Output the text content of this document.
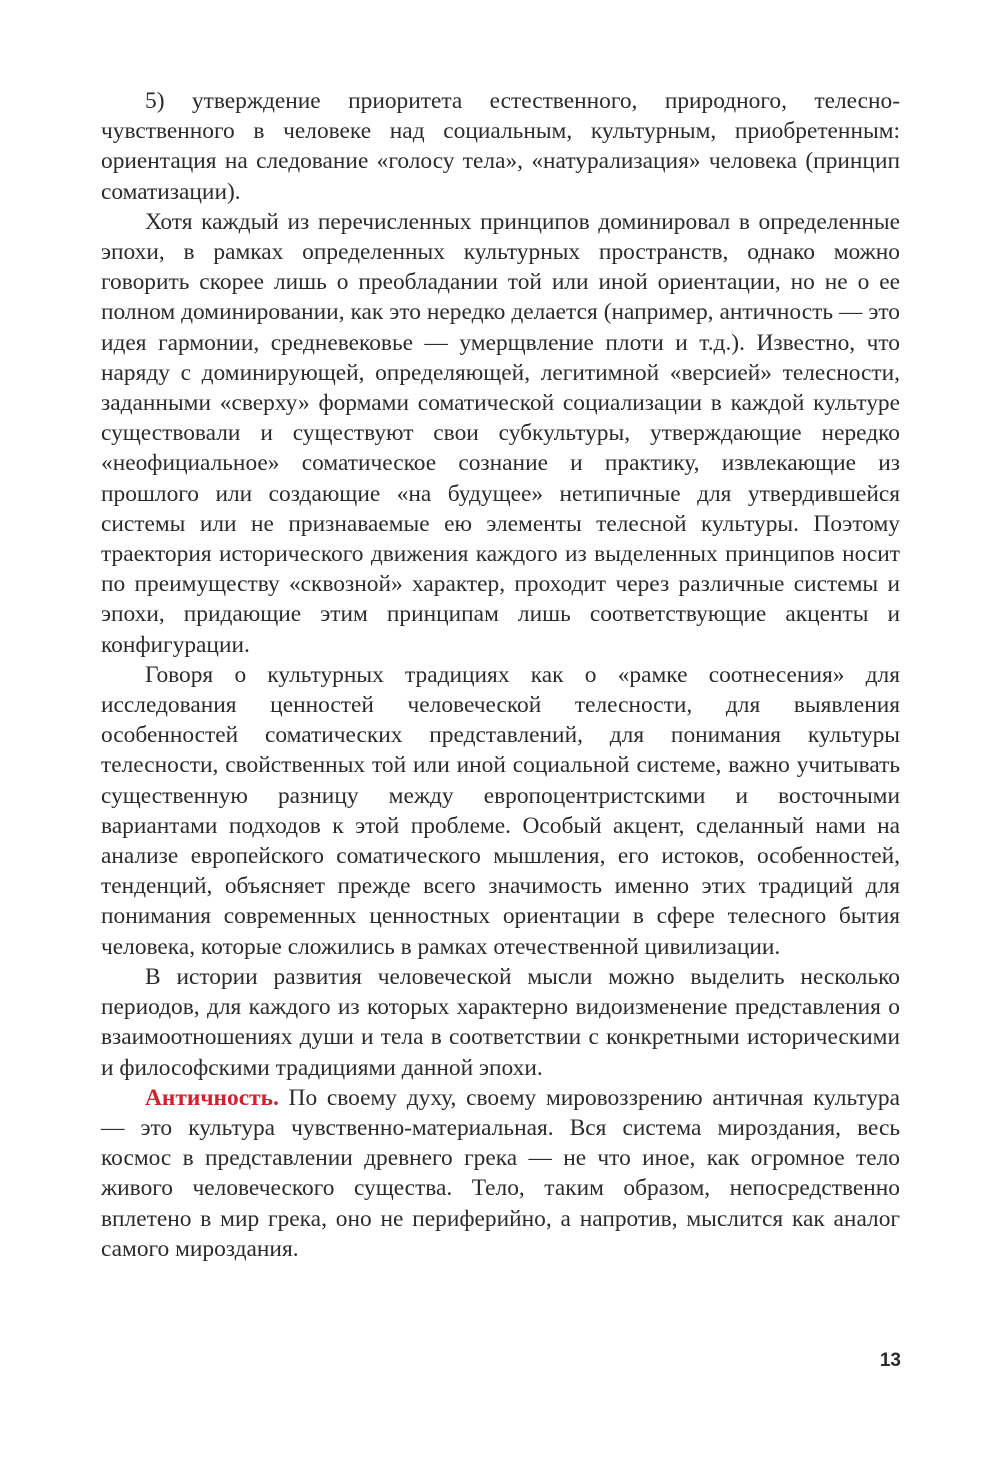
5) утверждение приоритета естественного, природного, телесно-чувственного в человеке над социальным, культурным, приобретенным: ориентация на следование «голосу тела», «натурализация» человека (принцип соматизации).

Хотя каждый из перечисленных принципов доминировал в определенные эпохи, в рамках определенных культурных пространств, однако можно говорить скорее лишь о преобладании той или иной ориентации, но не о ее полном доминировании, как это нередко делается (например, античность — это идея гармонии, средневековье — умерщвление плоти и т.д.). Известно, что наряду с доминирующей, определяющей, легитимной «версией» телесности, заданными «сверху» формами соматической социализации в каждой культуре существовали и существуют свои субкультуры, утверждающие нередко «неофициальное» соматическое сознание и практику, извлекающие из прошлого или создающие «на будущее» нетипичные для утвердившейся системы или не признаваемые ею элементы телесной культуры. Поэтому траектория исторического движения каждого из выделенных принципов носит по преимуществу «сквозной» характер, проходит через различные системы и эпохи, придающие этим принципам лишь соответствующие акценты и конфигурации.

Говоря о культурных традициях как о «рамке соотнесения» для исследования ценностей человеческой телесности, для выявления особенностей соматических представлений, для понимания культуры телесности, свойственных той или иной социальной системе, важно учитывать существенную разницу между европоцентристскими и восточными вариантами подходов к этой проблеме. Особый акцент, сделанный нами на анализе европейского соматического мышления, его истоков, особенностей, тенденций, объясняет прежде всего значимость именно этих традиций для понимания современных ценностных ориентации в сфере телесного бытия человека, которые сложились в рамках отечественной цивилизации.

В истории развития человеческой мысли можно выделить несколько периодов, для каждого из которых характерно видоизменение представления о взаимоотношениях души и тела в соответствии с конкретными историческими и философскими традициями данной эпохи.

Античность. По своему духу, своему мировоззрению античная культура — это культура чувственно-материальная. Вся система мироздания, весь космос в представлении древнего грека — не что иное, как огромное тело живого человеческого существа. Тело, таким образом, непосредственно вплетено в мир грека, оно не периферийно, а напротив, мыслится как аналог самого мироздания.

13
